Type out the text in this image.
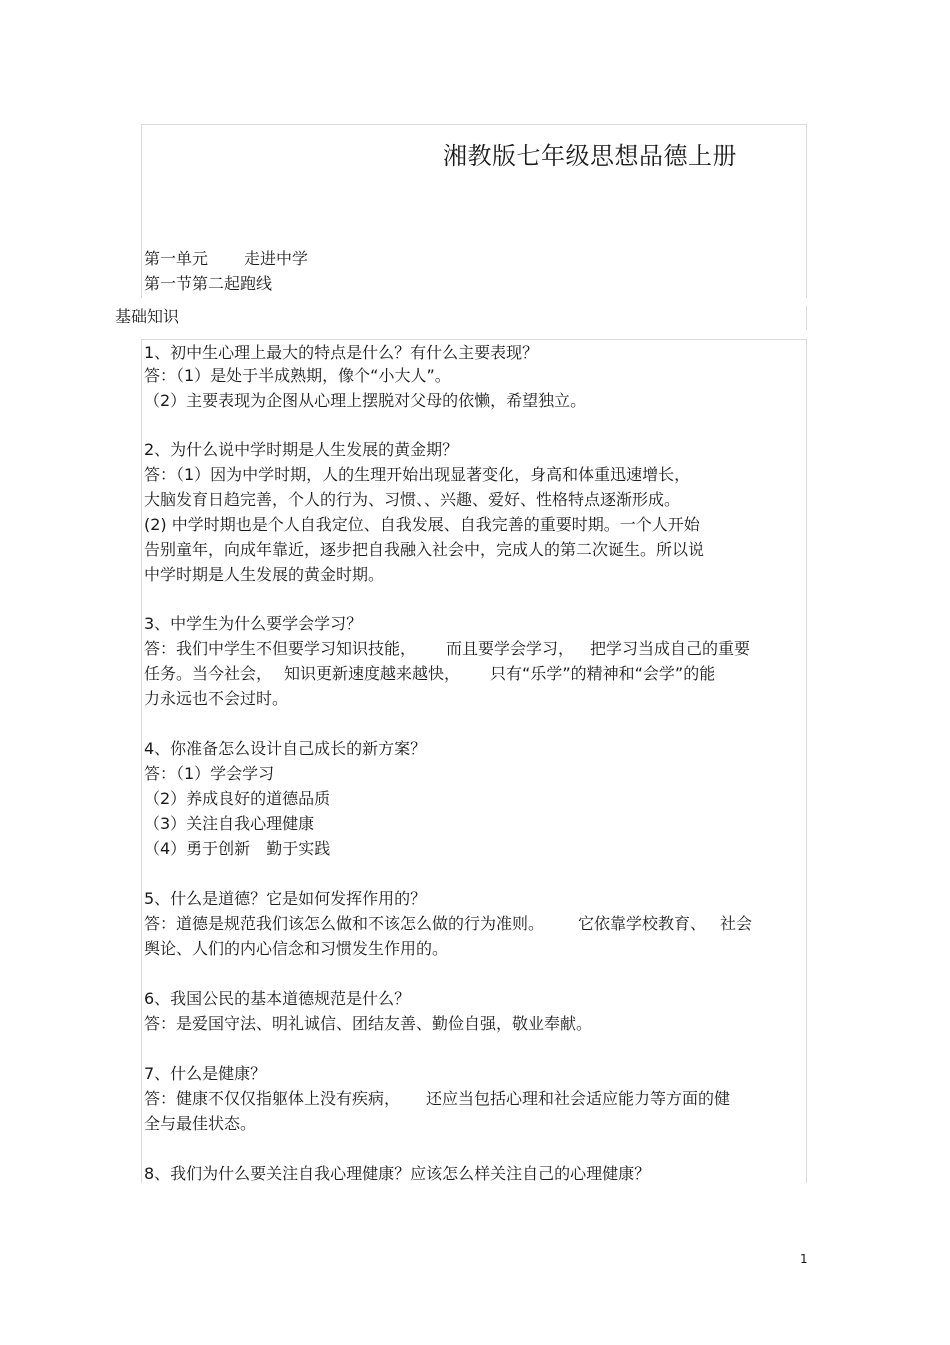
湘教版七年级思想品德上册
第一单元 走进中学
第一节第二起跑线
基础知识
1、初中生心理上最大的特点是什么？有什么主要表现？
答：（1）是处于半成熟期，像个“小大人”。
（2）主要表现为企图从心理上摆脱对父母的依懒，希望独立。
2、为什么说中学时期是人生发展的黄金期？
答：（1）因为中学时期，人的生理开始出现显著变化，身高和体重迅速增长，
大脑发育日趋完善，个人的行为、习惯、、兴趣、爱好、性格特点逐渐形成。
(2) 中学时期也是个人自我定位、自我发展、自我完善的重要时期。一个人开始
告别童年，向成年靠近，逐步把自我融入社会中，完成人的第二次诞生。所以说
中学时期是人生发展的黄金时期。
3、中学生为什么要学会学习？
答：我们中学生不但要学习知识技能， 而且要学会学习， 把学习当成自己的重要
任务。当今社会， 知识更新速度越来越快， 只有“乐学”的精神和“会学”的能
力永远也不会过时。
4、你准备怎么设计自己成长的新方案？
答：（1）学会学习
（2）养成良好的道德品质
（3）关注自我心理健康
（4）勇于创新 勤于实践
5、什么是道德？它是如何发挥作用的？
答：道德是规范我们该怎么做和不该怎么做的行为准则。 它依靠学校教育、 社会
舆论、人们的内心信念和习惯发生作用的。
6、我国公民的基本道德规范是什么？
答：是爱国守法、明礼诚信、团结友善、勤俭自强，敬业奉献。
7、什么是健康？
答：健康不仅仅指躯体上没有疾病， 还应当包括心理和社会适应能力等方面的健
全与最佳状态。
8、我们为什么要关注自我心理健康？应该怎么样关注自己的心理健康？
1
